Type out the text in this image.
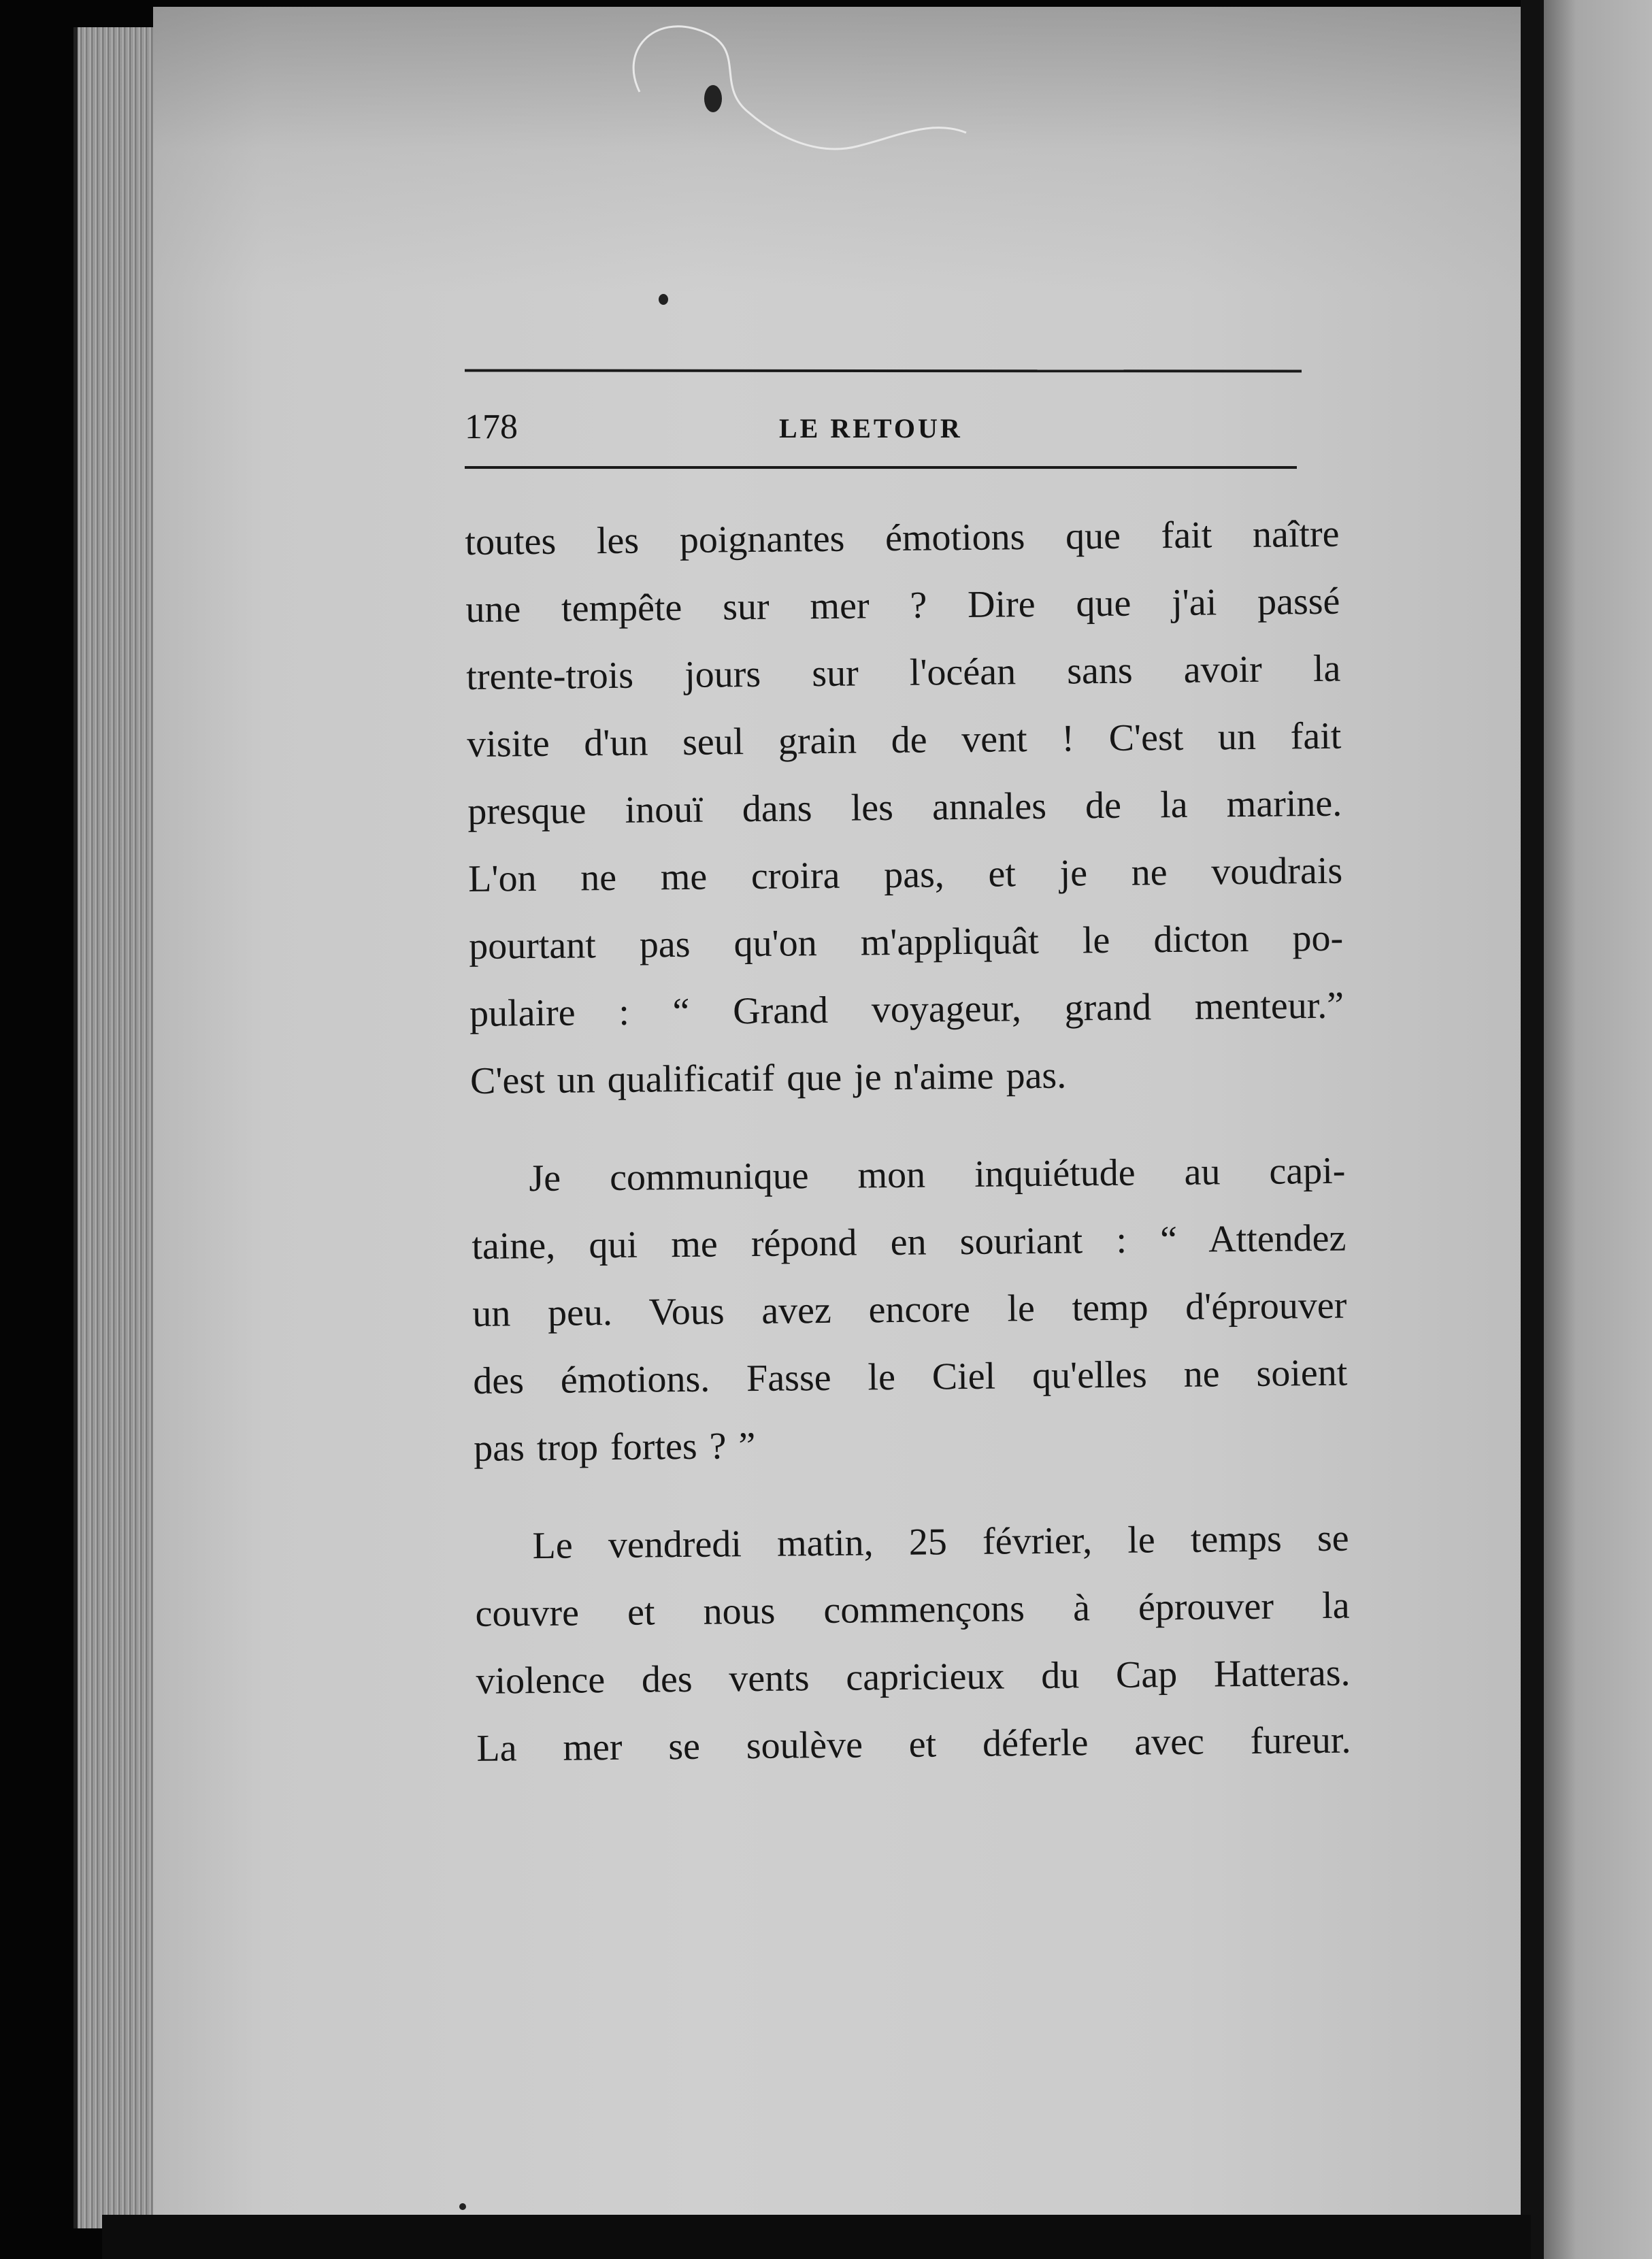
178	LE RETOUR
toutes les poignantes émotions que fait naître
une tempête sur mer ? Dire que j'ai passé
trente-trois jours sur l'océan sans avoir la
visite d'un seul grain de vent ! C'est un fait
presque inouï dans les annales de la marine.
L'on ne me croira pas, et je ne voudrais
pourtant pas qu'on m'appliquât le dicton po-
pulaire : “ Grand voyageur, grand menteur.”
C'est un qualificatif que je n'aime pas.
Je communique mon inquiétude au capi-
taine, qui me répond en souriant : “ Attendez
un peu. Vous avez encore le temp d'éprouver
des émotions. Fasse le Ciel qu'elles ne soient
pas trop fortes ? ”
Le vendredi matin, 25 février, le temps se
couvre et nous commençons à éprouver la
violence des vents capricieux du Cap Hatteras.
La mer se soulève et déferle avec fureur.
